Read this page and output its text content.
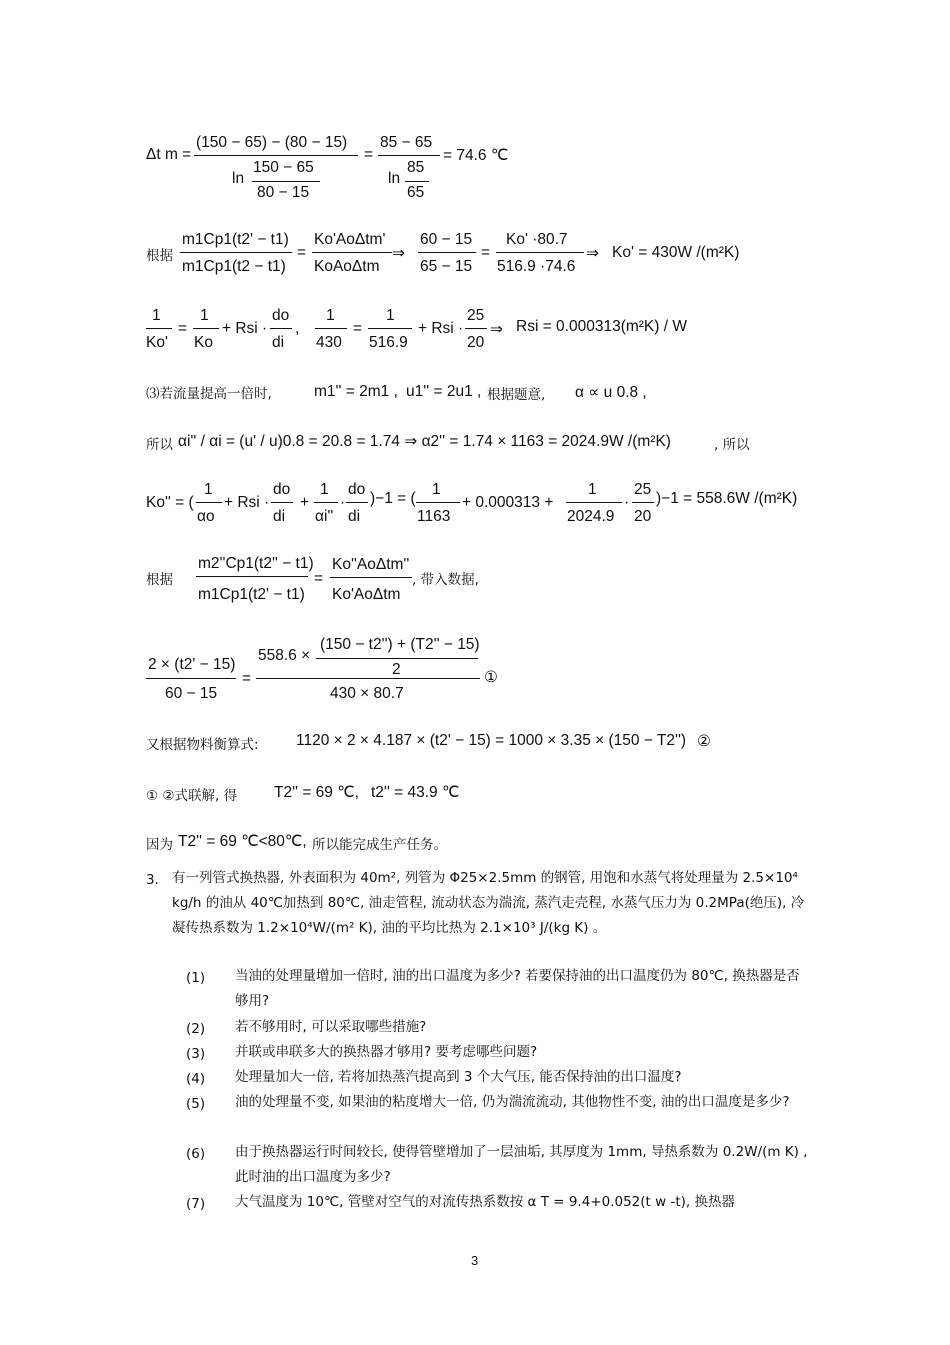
Δt m =
(150 − 65) − (80 − 15)
ln
150 − 65
80 − 15
=
85 − 65
ln
85
65
= 74.6 ℃
根据
m1Cp1(t2' − t1)
m1Cp1(t2 − t1)
=
Ko'AoΔtm'
KoAoΔtm
⇒
60 − 15
65 − 15
=
Ko' ·80.7
516.9 ·74.6
⇒ Ko' = 430W /(m²K)
1
Ko'
=
1
Ko
+ Rsi ·
do
di
,
1
430
=
1
516.9
+ Rsi ·
25
20
⇒ Rsi = 0.000313(m²K) / W
⑶若流量提高一倍时,	m1'' = 2m1 , u1'' = 2u1 , 根据题意, α ∝ u 0.8 ,
所以 αi'' / αi = (u' / u)0.8 = 20.8 = 1.74 ⇒ α2'' = 1.74 × 1163 = 2024.9W /(m²K)	, 所以
Ko'' = (
1
αo
+ Rsi ·
do
di
+
1
αi''
·
do
di
)−1 = (
1
1163
+ 0.000313 +
1
2024.9
·
25
20
)−1 = 558.6W /(m²K)
根据
m2''Cp1(t2'' − t1)
m1Cp1(t2' − t1)
=
Ko''AoΔtm''
Ko'AoΔtm
, 带入数据,
2 × (t2' − 15)
60 − 15
=
558.6 ×
(150 − t2'') + (T2'' − 15)
2
430 × 80.7
①
又根据物料衡算式: 1120 × 2 × 4.187 × (t2' − 15) = 1000 × 3.35 × (150 − T2'') ②
① ②式联解, 得 T2'' = 69 ℃, t2'' = 43.9 ℃
因为 T2'' = 69 ℃<80℃, 所以能完成生产任务。
3. 有一列管式换热器, 外表面积为 40m², 列管为 Φ25×2.5mm 的钢管, 用饱和水蒸气将处理量为 2.5×10⁴ kg/h 的油从 40℃加热到 80℃, 油走管程, 流动状态为湍流, 蒸汽走壳程, 水蒸气压力为 0.2MPa(绝压), 冷凝传热系数为 1.2×10⁴W/(m² K), 油的平均比热为 2.1×10³ J/(kg K) 。
(1) 当油的处理量增加一倍时, 油的出口温度为多少? 若要保持油的出口温度仍为 80℃, 换热器是否够用?
(2) 若不够用时, 可以采取哪些措施?
(3) 并联或串联多大的换热器才够用? 要考虑哪些问题?
(4) 处理量加大一倍, 若将加热蒸汽提高到 3 个大气压, 能否保持油的出口温度?
(5) 油的处理量不变, 如果油的粘度增大一倍, 仍为湍流流动, 其他物性不变, 油的出口温度是多少?
(6) 由于换热器运行时间较长, 使得管壁增加了一层油垢, 其厚度为 1mm, 导热系数为 0.2W/(m K) , 此时油的出口温度为多少?
(7) 大气温度为 10℃, 管壁对空气的对流传热系数按 α T = 9.4+0.052(t w -t), 换热器
3
